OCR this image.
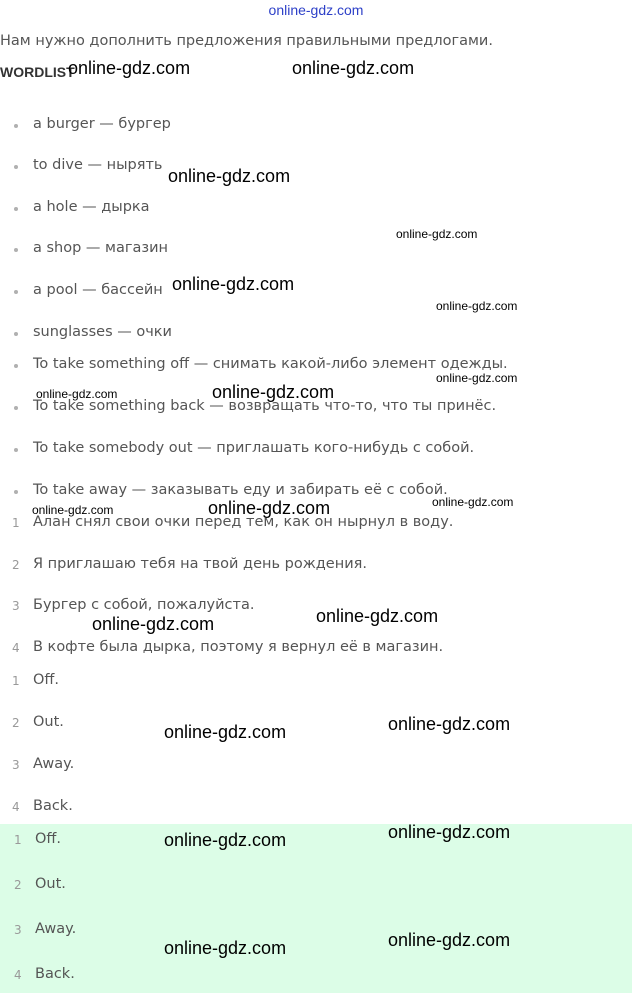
online-gdz.com
Нам нужно дополнить предложения правильными предлогами.
WORDLIST
a burger — бургер
to dive — нырять
a hole — дырка
a shop — магазин
a pool — бассейн
sunglasses — очки
To take something off — снимать какой-либо элемент одежды.
To take something back — возвращать что-то, что ты принёс.
To take somebody out — приглашать кого-нибудь с собой.
To take away — заказывать еду и забирать её с собой.
1 Алан снял свои очки перед тем, как он нырнул в воду.
2 Я приглашаю тебя на твой день рождения.
3 Бургер с собой, пожалуйста.
4 В кофте была дырка, поэтому я вернул её в магазин.
1 Off.
2 Out.
3 Away.
4 Back.
1 Off.
2 Out.
3 Away.
4 Back.
online-gdz.com	online-gdz.com
online-gdz.com
online-gdz.com
online-gdz.com
online-gdz.com
online-gdz.com
online-gdz.com	online-gdz.com
online-gdz.com
online-gdz.com	online-gdz.com
online-gdz.com
online-gdz.com
online-gdz.com
online-gdz.com
online-gdz.com
online-gdz.com
online-gdz.com
online-gdz.com
